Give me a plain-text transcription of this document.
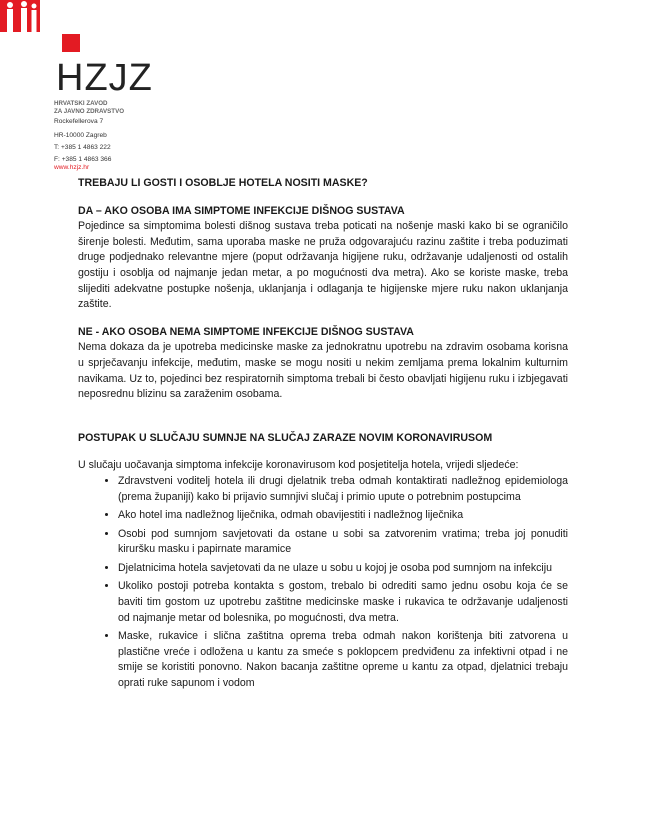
HZJZ
HRVATSKI ZAVOD
ZA JAVNO ZDRAVSTVO
Rockefellerova 7
HR-10000 Zagreb
T: +385 1 4863 222
F: +385 1 4863 366
www.hzjz.hr
TREBAJU LI GOSTI I OSOBLJE HOTELA NOSITI MASKE?
DA – AKO OSOBA IMA SIMPTOME INFEKCIJE DIŠNOG SUSTAVA

Pojedince sa simptomima bolesti dišnog sustava treba poticati na nošenje maski kako bi se ograničilo širenje bolesti. Međutim, sama uporaba maske ne pruža odgovarajuću razinu zaštite i treba poduzimati druge podjednako relevantne mjere (poput održavanja higijene ruku, održavanje udaljenosti od ostalih gostiju i osoblja od najmanje jedan metar, a po mogućnosti dva metra). Ako se koriste maske, treba slijediti adekvatne postupke nošenja, uklanjanja i odlaganja te higijenske mjere ruku nakon uklanjanja zaštite.

NE - AKO OSOBA NEMA SIMPTOME INFEKCIJE DIŠNOG SUSTAVA

Nema dokaza da je upotreba medicinske maske za jednokratnu upotrebu na zdravim osobama korisna u sprječavanju infekcije, međutim, maske se mogu nositi u nekim zemljama prema lokalnim kulturnim navikama. Uz to, pojedinci bez respiratornih simptoma trebali bi često obavljati higijenu ruku i izbjegavati neposrednu blizinu sa zaraženim osobama.

POSTUPAK U SLUČAJU SUMNJE NA SLUČAJ ZARAZE NOVIM KORONAVIRUSOM
U slučaju uočavanja simptoma infekcije koronavirusom kod posjetitelja hotela, vrijedi sljedeće:
• Zdravstveni voditelj hotela ili drugi djelatnik treba odmah kontaktirati nadležnog epidemiologa (prema županiji) kako bi prijavio sumnjivi slučaj i primio upute o potrebnim postupcima
• Ako hotel ima nadležnog liječnika, odmah obavijestiti i nadležnog liječnika
• Osobi pod sumnjom savjetovati da ostane u sobi sa zatvorenim vratima; treba joj ponuditi kiruršku masku i papirnate maramice
• Djelatnicima hotela savjetovati da ne ulaze u sobu u kojoj je osoba pod sumnjom na infekciju
• Ukoliko postoji potreba kontakta s gostom, trebalo bi odrediti samo jednu osobu koja će se baviti tim gostom uz upotrebu zaštitne medicinske maske i rukavica te održavanje udaljenosti od najmanje metar od bolesnika, po mogućnosti, dva metra.
• Maske, rukavice i slična zaštitna oprema treba odmah nakon korištenja biti zatvorena u plastične vreće i odložena u kantu za smeće s poklopcem predviđenu za infektivni otpad i ne smije se koristiti ponovno. Nakon bacanja zaštitne opreme u kantu za otpad, djelatnici trebaju oprati ruke sapunom i vodom
